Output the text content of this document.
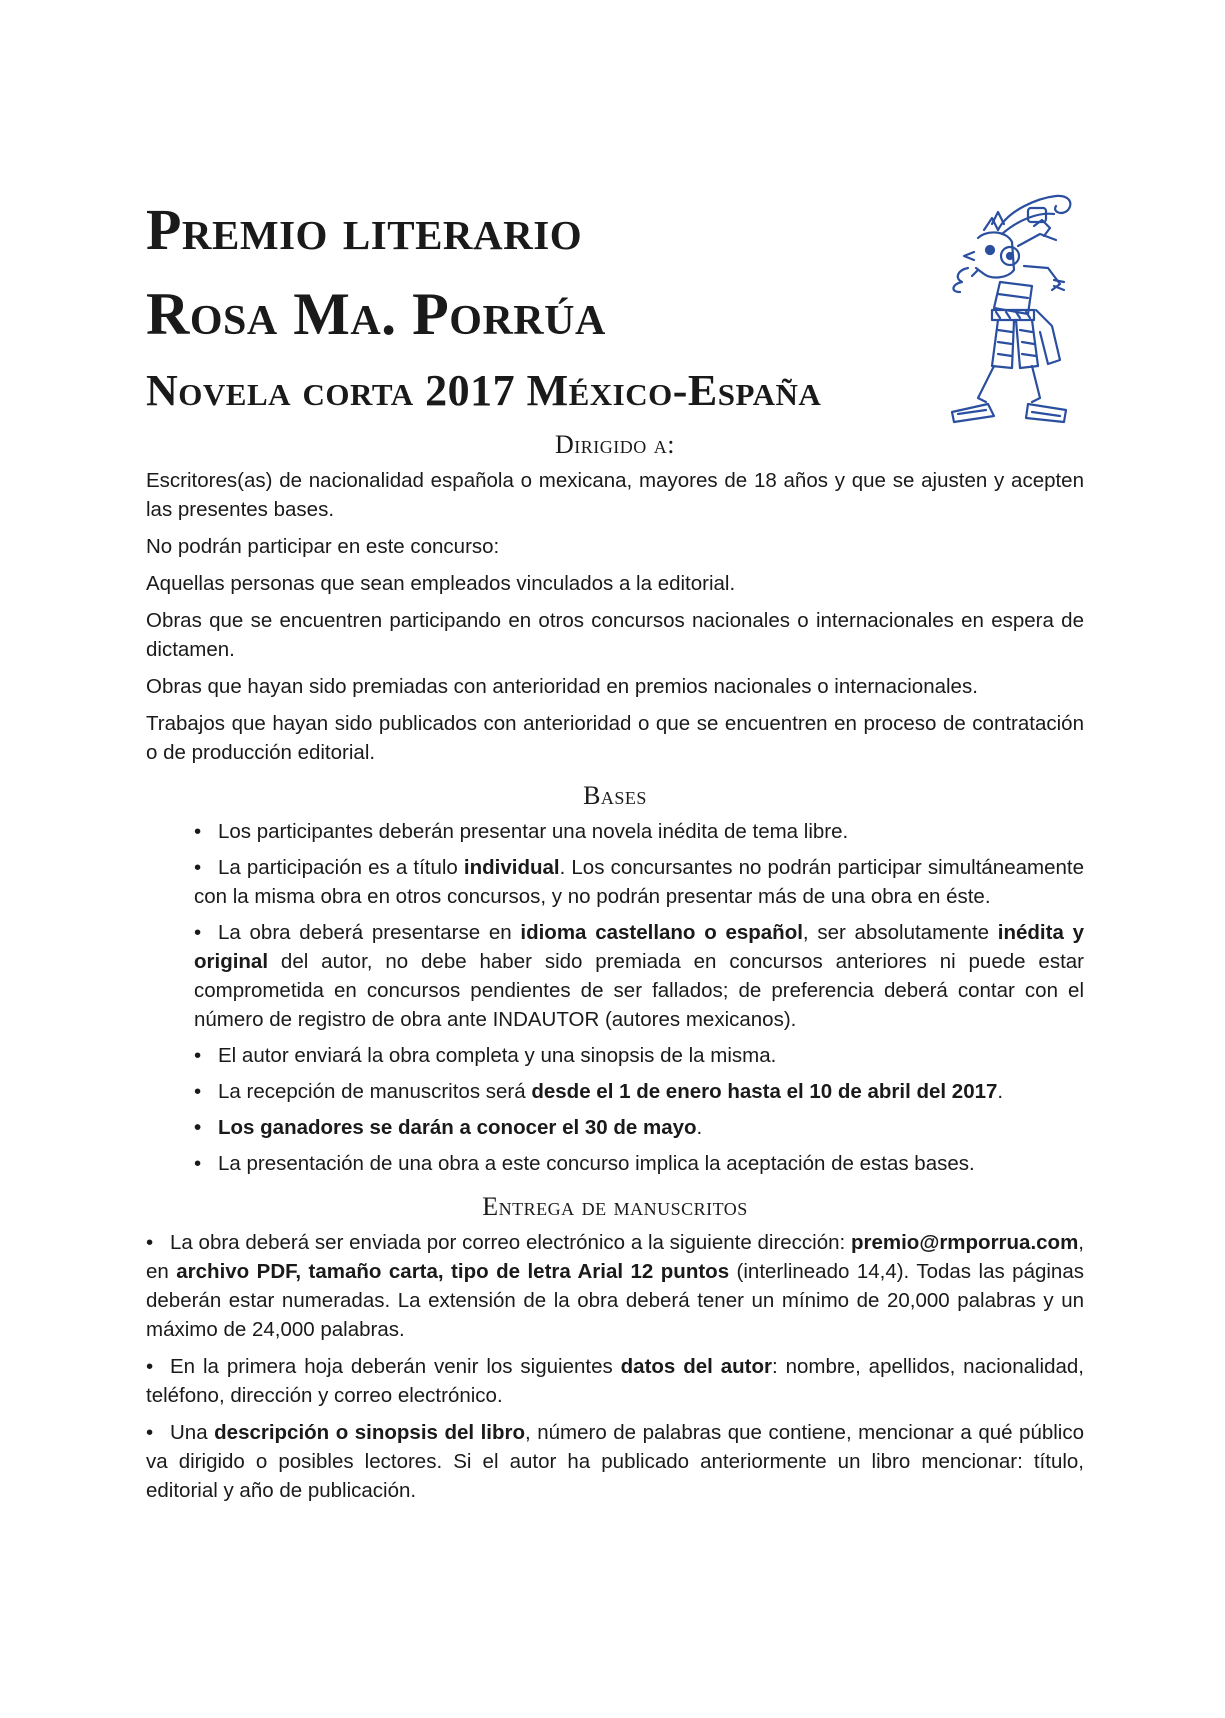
Premio literario
Rosa Ma. Porrúa
Novela corta 2017 México-España
Dirigido a:

Escritores(as) de nacionalidad española o mexicana, mayores de 18 años y que se ajusten y acepten las presentes bases.

No podrán participar en este concurso:

Aquellas personas que sean empleados vinculados a la editorial.

Obras que se encuentren participando en otros concursos nacionales o internacionales en espera de dictamen.

Obras que hayan sido premiadas con anterioridad en premios nacionales o internacionales.

Trabajos que hayan sido publicados con anterioridad o que se encuentren en proceso de contratación o de producción editorial.

Bases
• Los participantes deberán presentar una novela inédita de tema libre.
• La participación es a título individual. Los concursantes no podrán participar simultáneamente con la misma obra en otros concursos, y no podrán presentar más de una obra en éste.
• La obra deberá presentarse en idioma castellano o español, ser absolutamente inédita y original del autor, no debe haber sido premiada en concursos anteriores ni puede estar comprometida en concursos pendientes de ser fallados; de preferencia deberá contar con el número de registro de obra ante INDAUTOR (autores mexicanos).
• El autor enviará la obra completa y una sinopsis de la misma.
• La recepción de manuscritos será desde el 1 de enero hasta el 10 de abril del 2017.
• Los ganadores se darán a conocer el 30 de mayo.
• La presentación de una obra a este concurso implica la aceptación de estas bases.
Entrega de manuscritos

• La obra deberá ser enviada por correo electrónico a la siguiente dirección: premio@rmporrua.com, en archivo PDF, tamaño carta, tipo de letra Arial 12 puntos (interlineado 14,4). Todas las páginas deberán estar numeradas. La extensión de la obra deberá tener un mínimo de 20,000 palabras y un máximo de 24,000 palabras.

• En la primera hoja deberán venir los siguientes datos del autor: nombre, apellidos, nacionalidad, teléfono, dirección y correo electrónico.

• Una descripción o sinopsis del libro, número de palabras que contiene, mencionar a qué público va dirigido o posibles lectores. Si el autor ha publicado anteriormente un libro mencionar: título, editorial y año de publicación.
